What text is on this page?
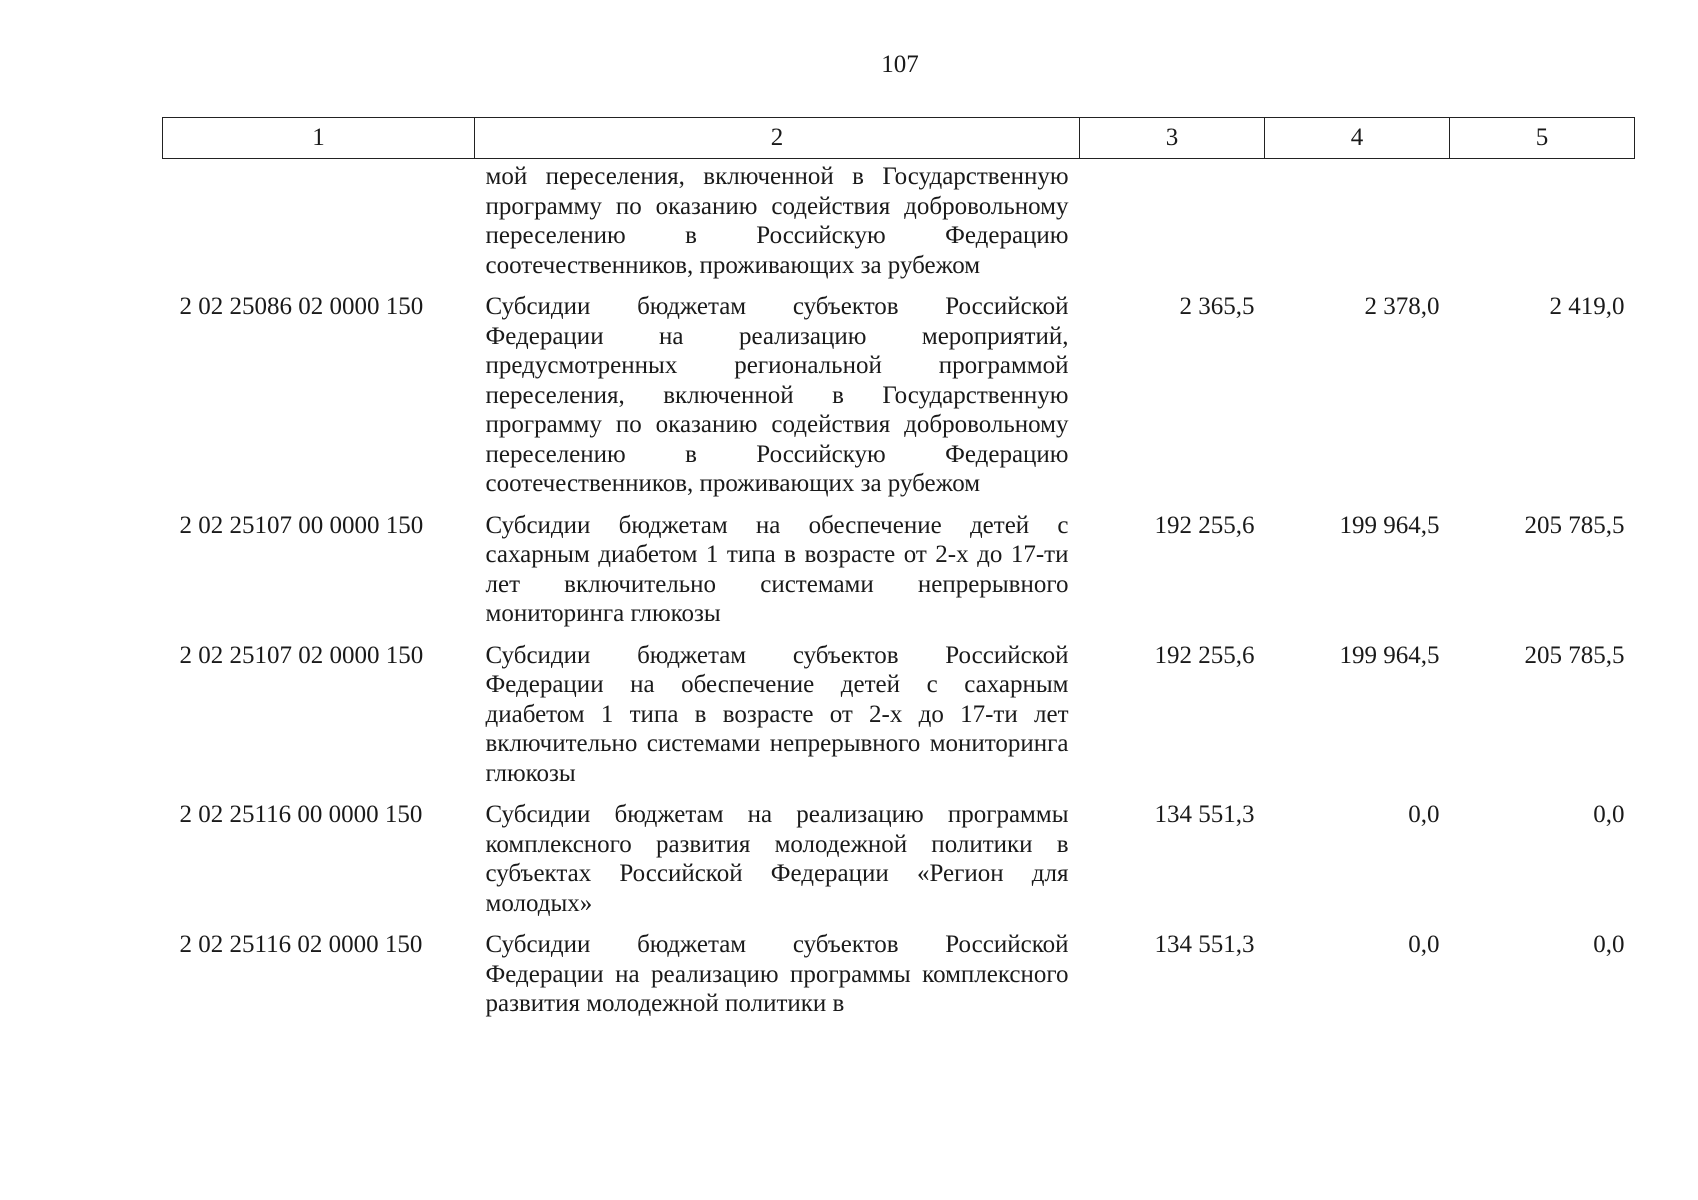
107
1	2	3	4	5
	мой переселения, включенной в Государственную программу по оказанию содействия добровольному переселению в Российскую Федерацию соотечественников, проживающих за рубежом			
2 02 25086 02 0000 150	Субсидии бюджетам субъектов Российской Федерации на реализацию мероприятий, предусмотренных региональной программой переселения, включенной в Государственную программу по оказанию содействия добровольному переселению в Российскую Федерацию соотечественников, проживающих за рубежом	2 365,5	2 378,0	2 419,0
2 02 25107 00 0000 150	Субсидии бюджетам на обеспечение детей с сахарным диабетом 1 типа в возрасте от 2-х до 17-ти лет включительно системами непрерывного мониторинга глюкозы	192 255,6	199 964,5	205 785,5
2 02 25107 02 0000 150	Субсидии бюджетам субъектов Российской Федерации на обеспечение детей с сахарным диабетом 1 типа в возрасте от 2-х до 17-ти лет включительно системами непрерывного мониторинга глюкозы	192 255,6	199 964,5	205 785,5
2 02 25116 00 0000 150	Субсидии бюджетам на реализацию программы комплексного развития молодежной политики в субъектах Российской Федерации «Регион для молодых»	134 551,3	0,0	0,0
2 02 25116 02 0000 150	Субсидии бюджетам субъектов Российской Федерации на реализацию программы комплексного развития молодежной политики в	134 551,3	0,0	0,0
